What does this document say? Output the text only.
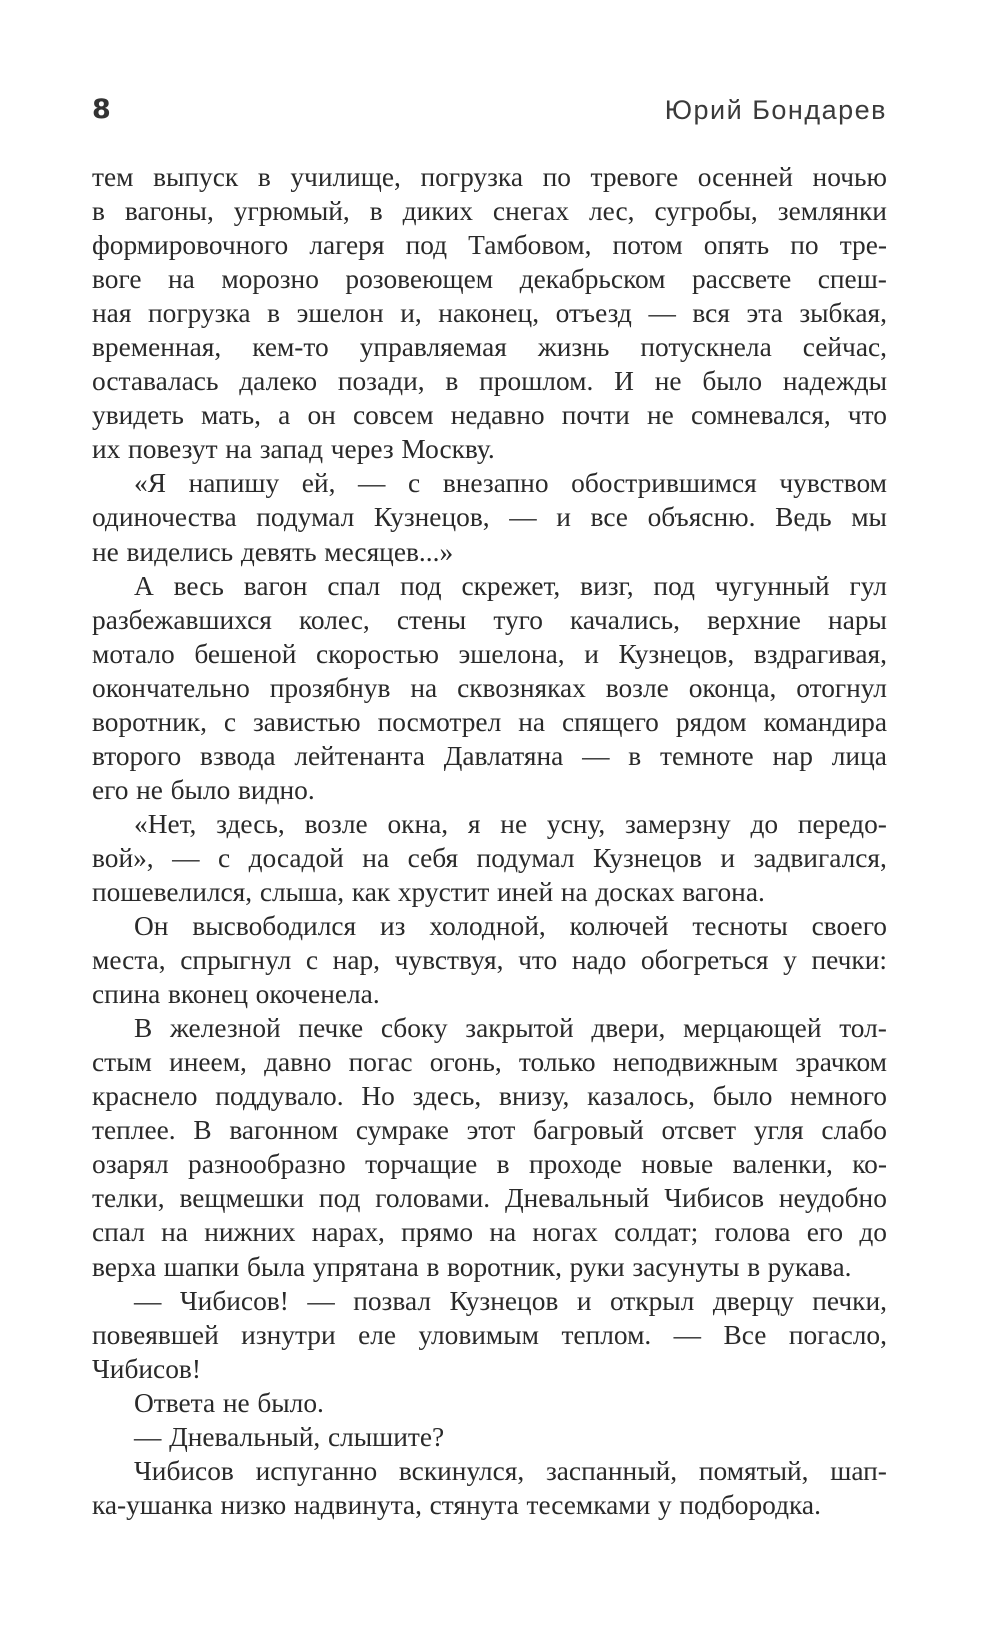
8	Юрий Бондарев
тем выпуск в училище, погрузка по тревоге осенней ночью
в вагоны, угрюмый, в диких снегах лес, сугробы, землянки
формировочного лагеря под Тамбовом, потом опять по тре-
воге на морозно розовеющем декабрьском рассвете спеш-
ная погрузка в эшелон и, наконец, отъезд — вся эта зыбкая,
временная, кем-то управляемая жизнь потускнела сейчас,
оставалась далеко позади, в прошлом. И не было надежды
увидеть мать, а он совсем недавно почти не сомневался, что
их повезут на запад через Москву.
«Я напишу ей, — с внезапно обострившимся чувством
одиночества подумал Кузнецов, — и все объясню. Ведь мы
не виделись девять месяцев...»
А весь вагон спал под скрежет, визг, под чугунный гул
разбежавшихся колес, стены туго качались, верхние нары
мотало бешеной скоростью эшелона, и Кузнецов, вздрагивая,
окончательно прозябнув на сквозняках возле оконца, отогнул
воротник, с завистью посмотрел на спящего рядом командира
второго взвода лейтенанта Давлатяна — в темноте нар лица
его не было видно.
«Нет, здесь, возле окна, я не усну, замерзну до передо-
вой», — с досадой на себя подумал Кузнецов и задвигался,
пошевелился, слыша, как хрустит иней на досках вагона.
Он высвободился из холодной, колючей тесноты своего
места, спрыгнул с нар, чувствуя, что надо обогреться у печки:
спина вконец окоченела.
В железной печке сбоку закрытой двери, мерцающей тол-
стым инеем, давно погас огонь, только неподвижным зрачком
краснело поддувало. Но здесь, внизу, казалось, было немного
теплее. В вагонном сумраке этот багровый отсвет угля слабо
озарял разнообразно торчащие в проходе новые валенки, ко-
телки, вещмешки под головами. Дневальный Чибисов неудобно
спал на нижних нарах, прямо на ногах солдат; голова его до
верха шапки была упрятана в воротник, руки засунуты в рукава.
— Чибисов! — позвал Кузнецов и открыл дверцу печки,
повеявшей изнутри еле уловимым теплом. — Все погасло,
Чибисов!
Ответа не было.
— Дневальный, слышите?
Чибисов испуганно вскинулся, заспанный, помятый, шап-
ка-ушанка низко надвинута, стянута тесемками у подбородка.
